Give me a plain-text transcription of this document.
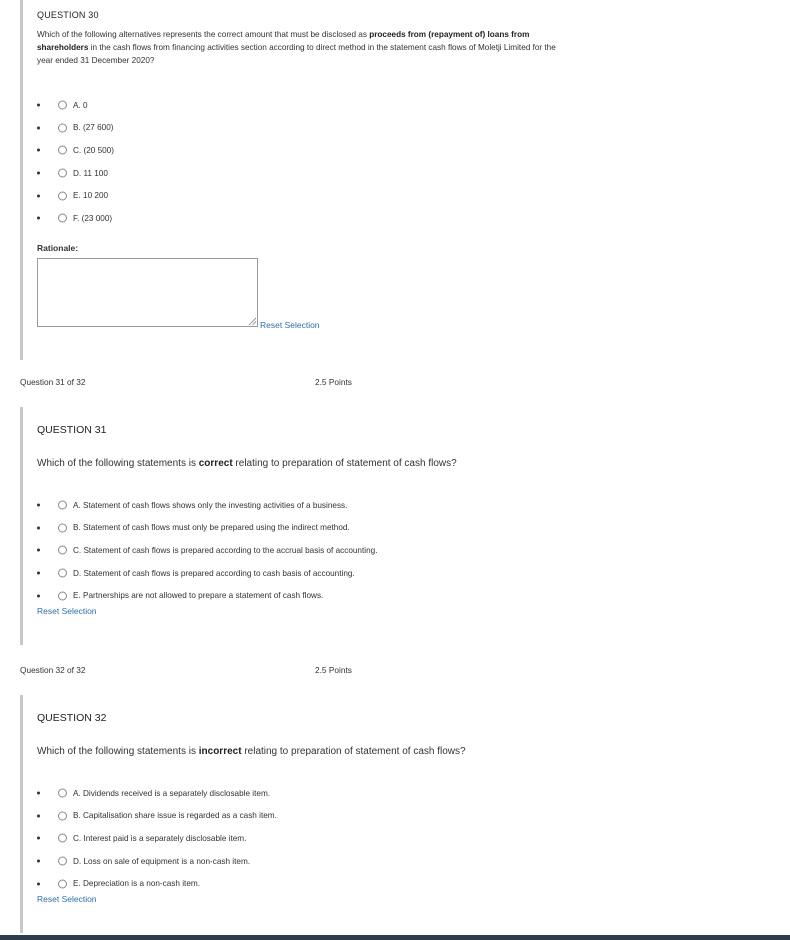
QUESTION 30
Which of the following alternatives represents the correct amount that must be disclosed as proceeds from (repayment of) loans from shareholders in the cash flows from financing activities section according to direct method in the statement cash flows of Moletji Limited for the year ended 31 December 2020?
A. 0
B. (27 600)
C. (20 500)
D. 11 100
E. 10 200
F. (23 000)
Rationale:
Reset Selection
Question 31 of 32	2.5 Points
QUESTION 31
Which of the following statements is correct relating to preparation of statement of cash flows?
A. Statement of cash flows shows only the investing activities of a business.
B. Statement of cash flows must only be prepared using the indirect method.
C. Statement of cash flows is prepared according to the accrual basis of accounting.
D. Statement of cash flows is prepared according to cash basis of accounting.
E. Partnerships are not allowed to prepare a statement of cash flows.
Reset Selection
Question 32 of 32	2.5 Points
QUESTION 32
Which of the following statements is incorrect relating to preparation of statement of cash flows?
A. Dividends received is a separately disclosable item.
B. Capitalisation share issue is regarded as a cash item.
C. Interest paid is a separately disclosable item.
D. Loss on sale of equipment is a non-cash item.
E. Depreciation is a non-cash item.
Reset Selection
